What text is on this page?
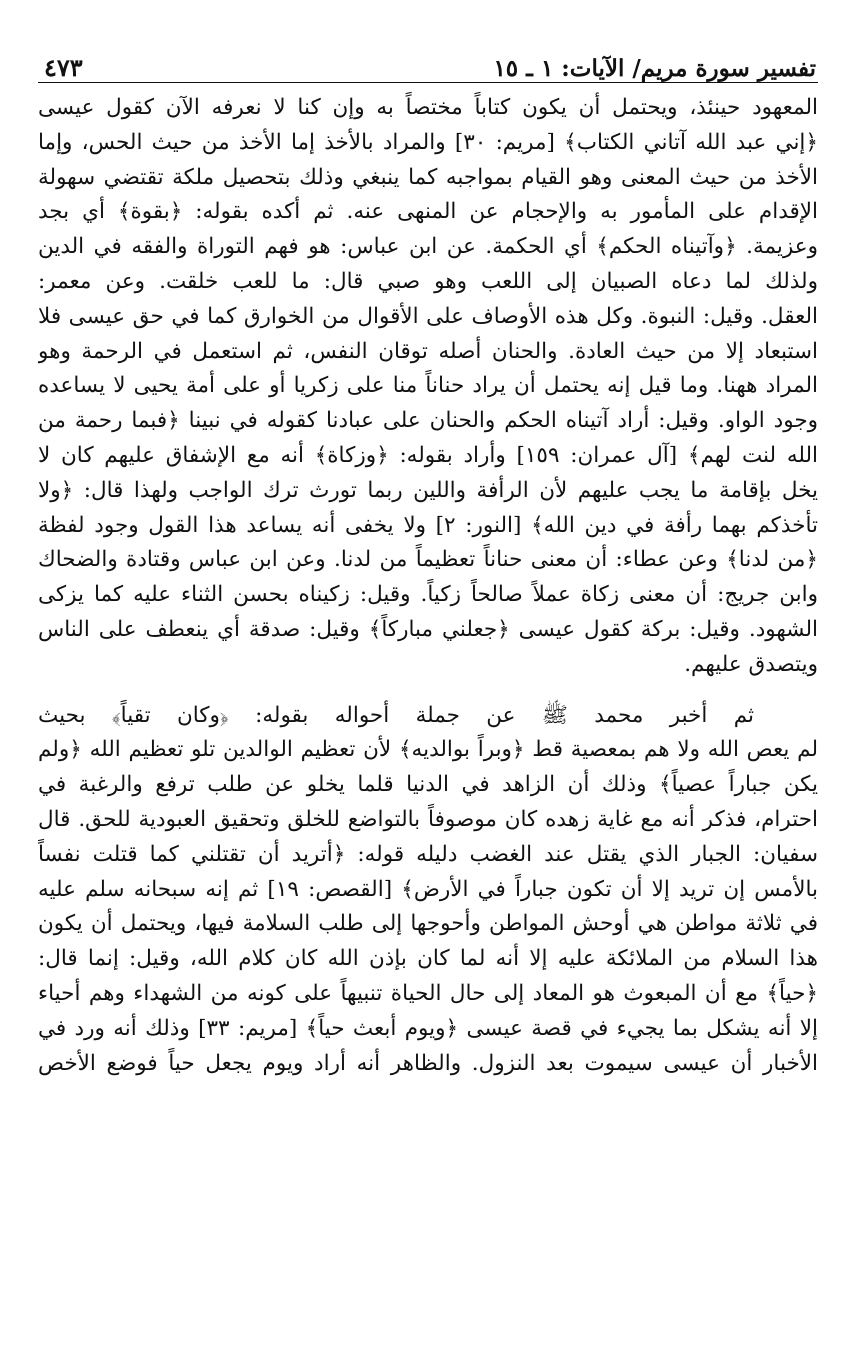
تفسير سورة مريم/ الآيات: ١ ـ ١٥
٤٧٣
المعهود حينئذ، ويحتمل أن يكون كتاباً مختصاً به وإن كنا لا نعرفه الآن كقول عيسى
﴿إني عبد الله آتاني الكتاب﴾ [مريم: ٣٠] والمراد بالأخذ إما الأخذ من حيث الحس، وإما
الأخذ من حيث المعنى وهو القيام بمواجبه كما ينبغي وذلك بتحصيل ملكة تقتضي سهولة
الإقدام على المأمور به والإحجام عن المنهى عنه. ثم أكده بقوله: ﴿بقوة﴾ أي بجد
وعزيمة. ﴿وآتيناه الحكم﴾ أي الحكمة. عن ابن عباس: هو فهم التوراة والفقه في الدين
ولذلك لما دعاه الصبيان إلى اللعب وهو صبي قال: ما للعب خلقت. وعن معمر:
العقل. وقيل: النبوة. وكل هذه الأوصاف على الأقوال من الخوارق كما في حق عيسى فلا
استبعاد إلا من حيث العادة. والحنان أصله توقان النفس، ثم استعمل في الرحمة وهو
المراد ههنا. وما قيل إنه يحتمل أن يراد حناناً منا على زكريا أو على أمة يحيى لا يساعده
وجود الواو. وقيل: أراد آتيناه الحكم والحنان على عبادنا كقوله في نبينا ﴿فبما رحمة من
الله لنت لهم﴾ [آل عمران: ١٥٩] وأراد بقوله: ﴿وزكاة﴾ أنه مع الإشفاق عليهم كان لا
يخل بإقامة ما يجب عليهم لأن الرأفة واللين ربما تورث ترك الواجب ولهذا قال: ﴿ولا
تأخذكم بهما رأفة في دين الله﴾ [النور: ٢] ولا يخفى أنه يساعد هذا القول وجود لفظة
﴿من لدنا﴾ وعن عطاء: أن معنى حناناً تعظيماً من لدنا. وعن ابن عباس وقتادة والضحاك
وابن جريج: أن معنى زكاة عملاً صالحاً زكياً. وقيل: زكيناه بحسن الثناء عليه كما يزكى
الشهود. وقيل: بركة كقول عيسى ﴿جعلني مباركاً﴾ وقيل: صدقة أي ينعطف على الناس
ويتصدق عليهم.
ثم أخبر محمد ﷺ عن جملة أحواله بقوله: ﴿وكان تقياً﴾ بحيث
لم يعص الله ولا هم بمعصية قط ﴿وبراً بوالديه﴾ لأن تعظيم الوالدين تلو تعظيم الله ﴿ولم
يكن جباراً عصياً﴾ وذلك أن الزاهد في الدنيا قلما يخلو عن طلب ترفع والرغبة في
احترام، فذكر أنه مع غاية زهده كان موصوفاً بالتواضع للخلق وتحقيق العبودية للحق. قال
سفيان: الجبار الذي يقتل عند الغضب دليله قوله: ﴿أتريد أن تقتلني كما قتلت نفساً
بالأمس إن تريد إلا أن تكون جباراً في الأرض﴾ [القصص: ١٩] ثم إنه سبحانه سلم عليه
في ثلاثة مواطن هي أوحش المواطن وأحوجها إلى طلب السلامة فيها، ويحتمل أن يكون
هذا السلام من الملائكة عليه إلا أنه لما كان بإذن الله كان كلام الله، وقيل: إنما قال:
﴿حياً﴾ مع أن المبعوث هو المعاد إلى حال الحياة تنبيهاً على كونه من الشهداء وهم أحياء
إلا أنه يشكل بما يجيء في قصة عيسى ﴿ويوم أبعث حياً﴾ [مريم: ٣٣] وذلك أنه ورد في
الأخبار أن عيسى سيموت بعد النزول. والظاهر أنه أراد ويوم يجعل حياً فوضع الأخص
